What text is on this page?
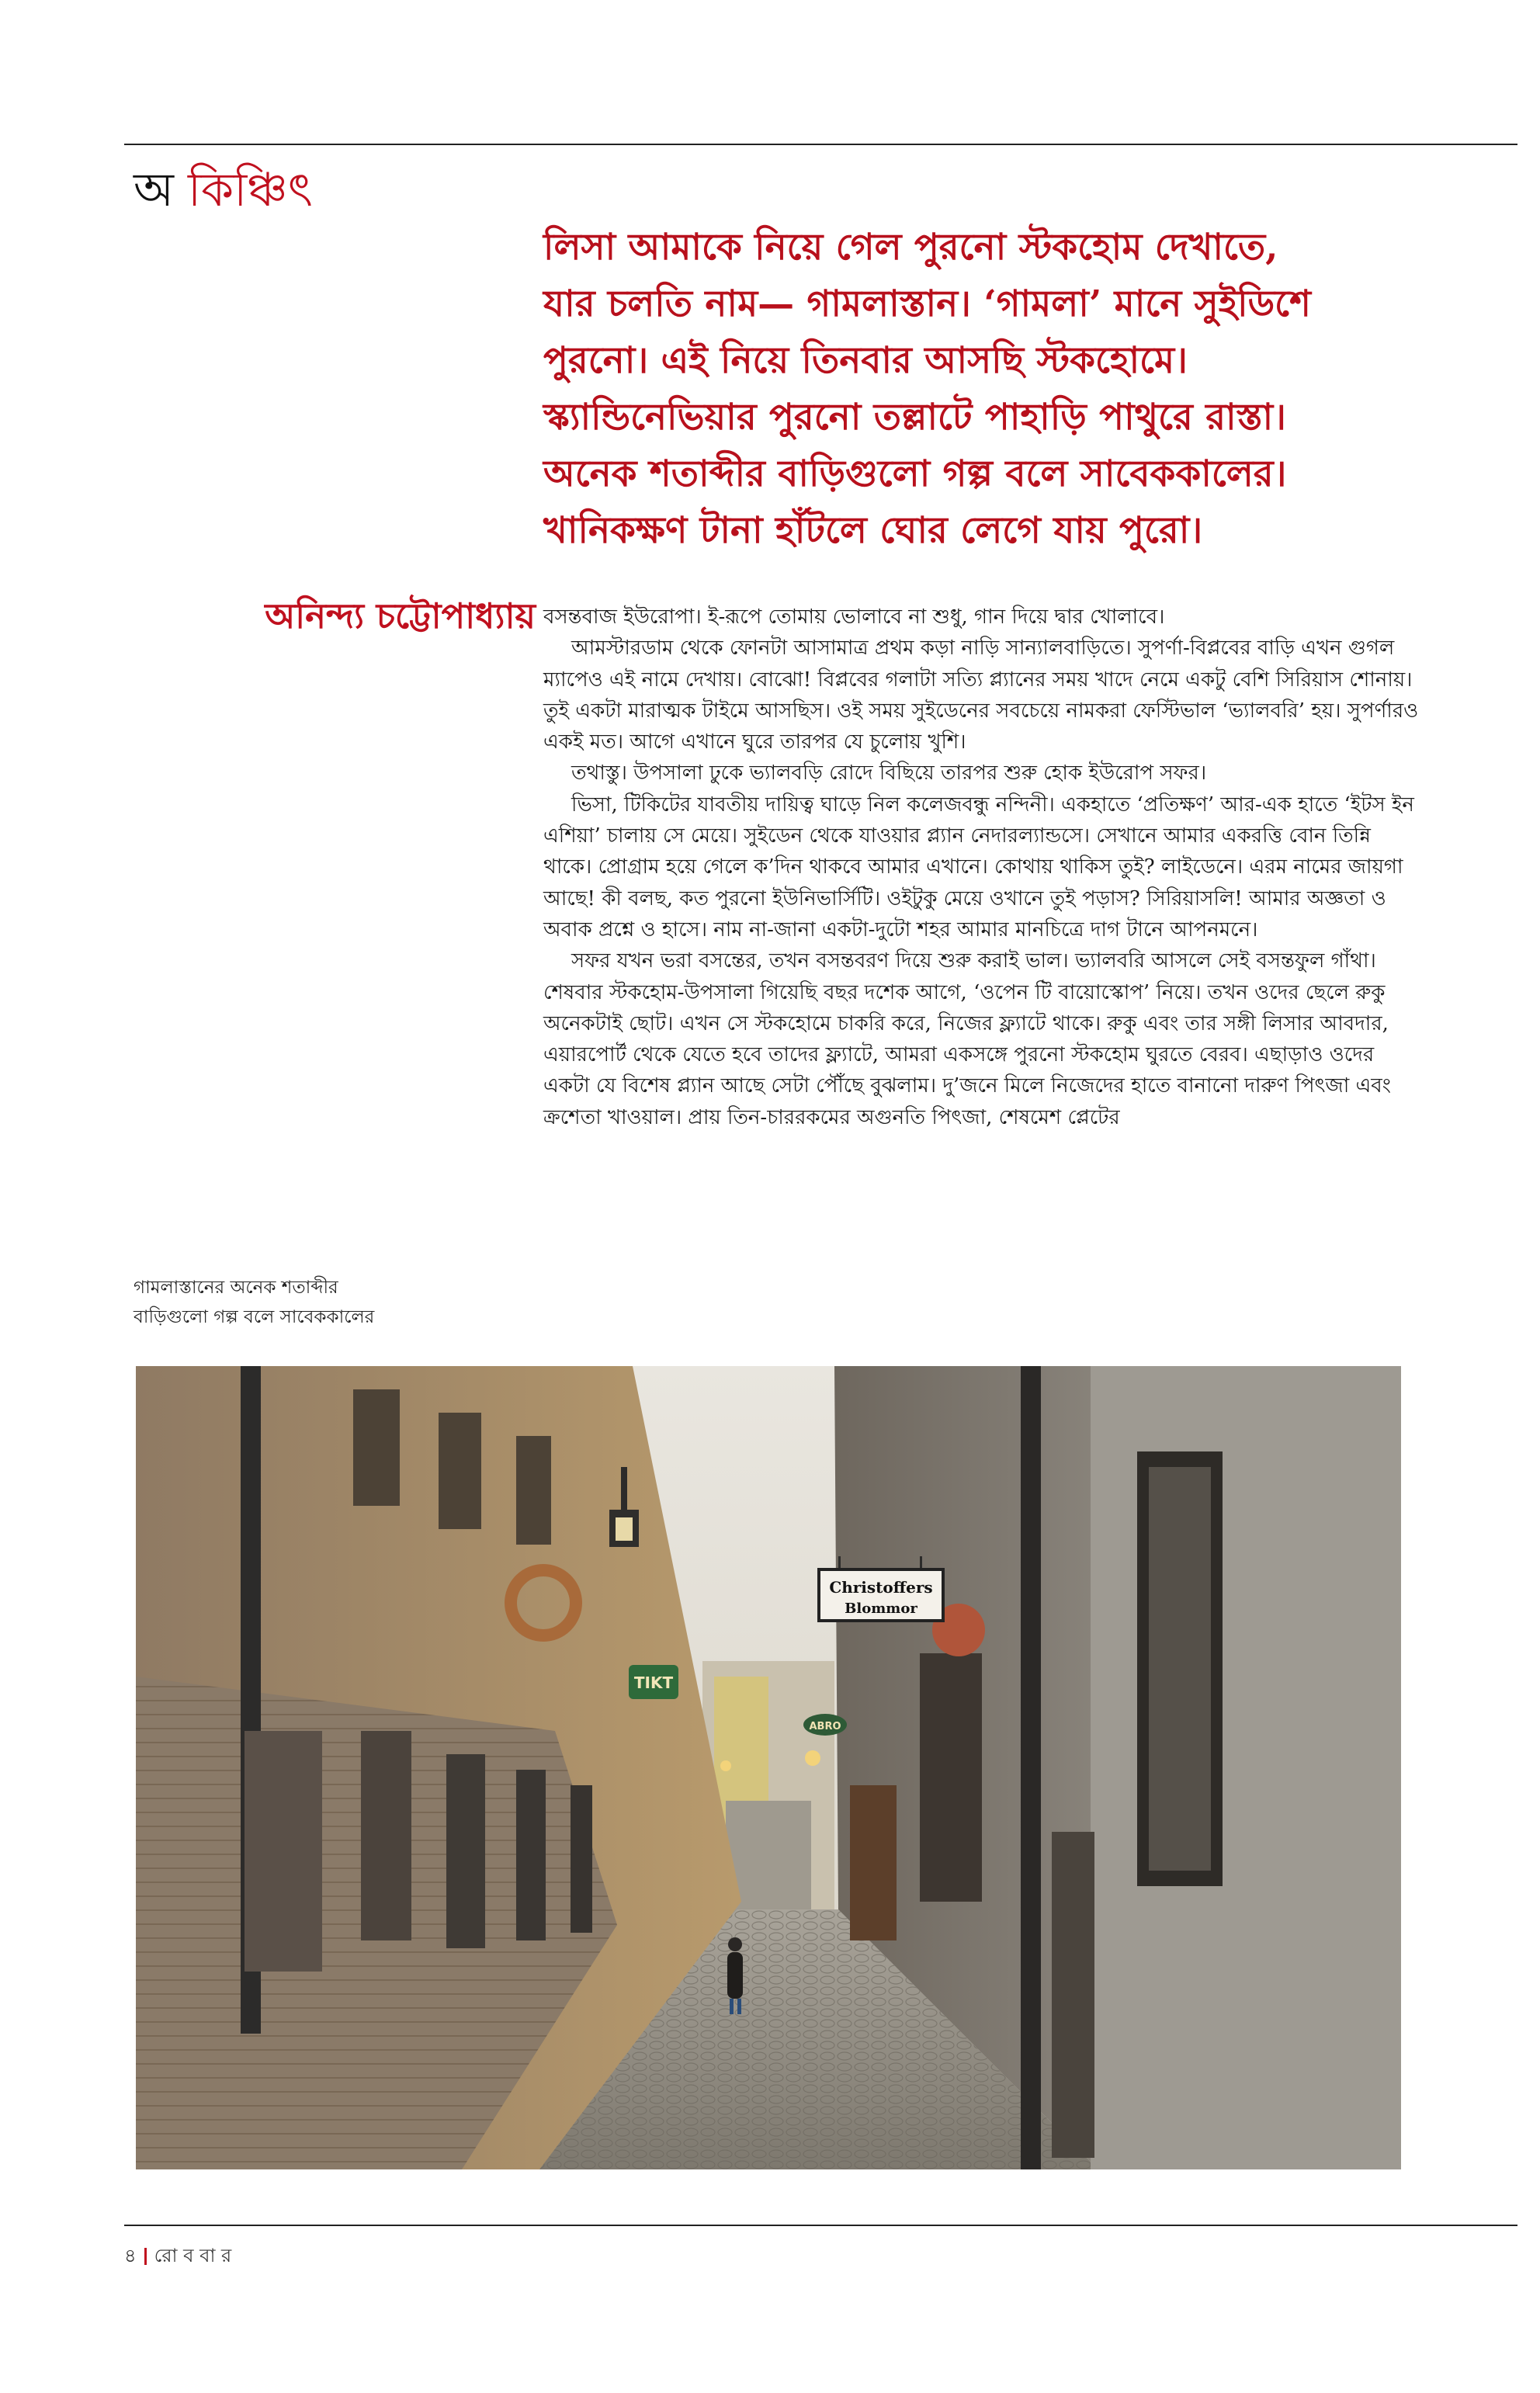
অ কিঞ্চিৎ

লিসা আমাকে নিয়ে গেল পুরনো স্টকহোম দেখাতে,
যার চলতি নাম— গামলাস্তান। ‘গামলা’ মানে সুইডিশে
পুরনো। এই নিয়ে তিনবার আসছি স্টকহোমে।
স্ক্যান্ডিনেভিয়ার পুরনো তল্লাটে পাহাড়ি পাথুরে রাস্তা।
অনেক শতাব্দীর বাড়িগুলো গল্প বলে সাবেককালের।
খানিকক্ষণ টানা হাঁটলে ঘোর লেগে যায় পুরো।

অনিন্দ্য চট্টোপাধ্যায় বসন্তবাজ ইউরোপা। ই-রূপে তোমায় ভোলাবে না শুধু, গান দিয়ে দ্বার খোলাবে।

আমস্টারডাম থেকে ফোনটা আসামাত্র প্রথম কড়া নাড়ি সান্যালবাড়িতে। সুপর্ণা-বিপ্লবের বাড়ি এখন গুগল ম্যাপেও এই নামে দেখায়। বোঝো! বিপ্লবের গলাটা সত্যি প্ল্যানের সময় খাদে নেমে একটু বেশি সিরিয়াস শোনায়। তুই একটা মারাত্মক টাইমে আসছিস। ওই সময় সুইডেনের সবচেয়ে নামকরা ফেস্টিভাল ‘ভ্যালবরি’ হয়। সুপর্ণারও একই মত। আগে এখানে ঘুরে তারপর যে চুলোয় খুশি।

তথাস্তু। উপসালা ঢুকে ভ্যালবড়ি রোদে বিছিয়ে তারপর শুরু হোক ইউরোপ সফর।

ভিসা, টিকিটের যাবতীয় দায়িত্ব ঘাড়ে নিল কলেজবন্ধু নন্দিনী। একহাতে ‘প্রতিক্ষণ’ আর-এক হাতে ‘ইটস ইন এশিয়া’ চালায় সে মেয়ে। সুইডেন থেকে যাওয়ার প্ল্যান নেদারল্যান্ডসে। সেখানে আমার একরত্তি বোন তিন্নি থাকে। প্রোগ্রাম হয়ে গেলে ক’দিন থাকবে আমার এখানে। কোথায় থাকিস তুই? লাইডেনে। এরম নামের জায়গা আছে! কী বলছ, কত পুরনো ইউনিভার্সিটি। ওইটুকু মেয়ে ওখানে তুই পড়াস? সিরিয়াসলি! আমার অজ্ঞতা ও অবাক প্রশ্নে ও হাসে। নাম না-জানা একটা-দুটো শহর আমার মানচিত্রে দাগ টানে আপনমনে।

সফর যখন ভরা বসন্তের, তখন বসন্তবরণ দিয়ে শুরু করাই ভাল। ভ্যালবরি আসলে সেই বসন্তফুল গাঁথা। শেষবার স্টকহোম-উপসালা গিয়েছি বছর দশেক আগে, ‘ওপেন টি বায়োস্কোপ’ নিয়ে। তখন ওদের ছেলে রুকু অনেকটাই ছোট। এখন সে স্টকহোমে চাকরি করে, নিজের ফ্ল্যাটে থাকে। রুকু এবং তার সঙ্গী লিসার আবদার, এয়ারপোর্ট থেকে যেতে হবে তাদের ফ্ল্যাটে, আমরা একসঙ্গে পুরনো স্টকহোম ঘুরতে বেরব। এছাড়াও ওদের একটা যে বিশেষ প্ল্যান আছে সেটা পৌঁছে বুঝলাম। দু’জনে মিলে নিজেদের হাতে বানানো দারুণ পিৎজা এবং ক্রশেতা খাওয়াল। প্রায় তিন-চাররকমের অগুনতি পিৎজা, শেষমেশ প্লেটের

গামলাস্তানের অনেক শতাব্দীর
বাড়িগুলো গল্প বলে সাবেককালের
TIKT
Christoffers
Blommor
ABRO
৪ রো ব বা র
